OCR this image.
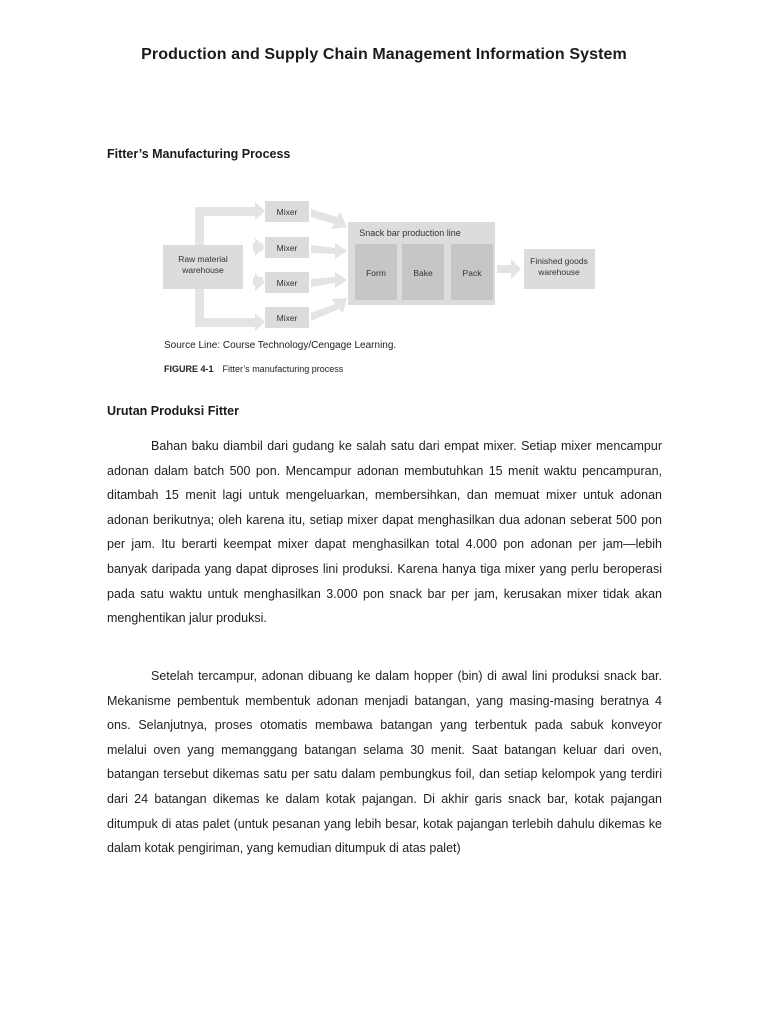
Production and Supply Chain Management Information System
Fitter’s Manufacturing Process
Raw material
warehouse
Mixer
Mixer
Mixer
Mixer
Snack bar production line
Form	Bake	Pack
Finished goods
warehouse
Source Line: Course Technology/Cengage Learning.
FIGURE 4-1 Fitter’s manufacturing process
Urutan Produksi Fitter

Bahan baku diambil dari gudang ke salah satu dari empat mixer. Setiap mixer mencampur adonan dalam batch 500 pon. Mencampur adonan membutuhkan 15 menit waktu pencampuran, ditambah 15 menit lagi untuk mengeluarkan, membersihkan, dan memuat mixer untuk adonan adonan berikutnya; oleh karena itu, setiap mixer dapat menghasilkan dua adonan seberat 500 pon per jam. Itu berarti keempat mixer dapat menghasilkan total 4.000 pon adonan per jam—lebih banyak daripada yang dapat diproses lini produksi. Karena hanya tiga mixer yang perlu beroperasi pada satu waktu untuk menghasilkan 3.000 pon snack bar per jam, kerusakan mixer tidak akan menghentikan jalur produksi.

Setelah tercampur, adonan dibuang ke dalam hopper (bin) di awal lini produksi snack bar. Mekanisme pembentuk membentuk adonan menjadi batangan, yang masing-masing beratnya 4 ons. Selanjutnya, proses otomatis membawa batangan yang terbentuk pada sabuk konveyor melalui oven yang memanggang batangan selama 30 menit. Saat batangan keluar dari oven, batangan tersebut dikemas satu per satu dalam pembungkus foil, dan setiap kelompok yang terdiri dari 24 batangan dikemas ke dalam kotak pajangan. Di akhir garis snack bar, kotak pajangan ditumpuk di atas palet (untuk pesanan yang lebih besar, kotak pajangan terlebih dahulu dikemas ke dalam kotak pengiriman, yang kemudian ditumpuk di atas palet)
